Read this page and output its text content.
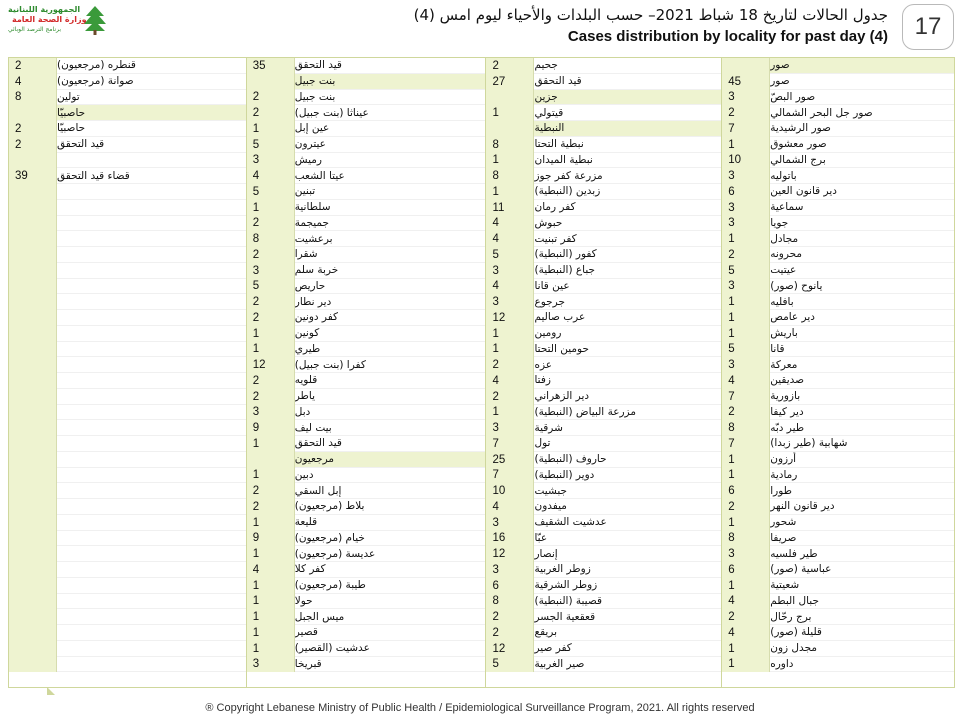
الجمهورية اللبنانية
وزارة الصحة العامة
برنامج الترصد الوبائي
جدول الحالات لتاريخ 18 شباط 2021– حسب البلدات والأحياء ليوم امس (4)
Cases distribution by locality for past day (4)	17
2	قنطره (مرجعيون)
4	صوانة (مرجعيون)
8	تولين
حاصبيّا
2	حاصبيّا
2	قيد التحقق
39	قضاء قيد التحقق
35	قيد التحقق
بنت جبيل
2	بنت جبيل
2	عيناثا (بنت جبيل)
1	عين إبل
5	عيترون
3	رميش
4	عيتا الشعب
5	تبنين
1	سلطانية
2	جميجمة
8	برعشيت
2	شقرا
3	خربة سلم
5	حاريص
2	دير نطار
2	كفر دونين
1	كونين
1	طيري
12	كفرا (بنت جبيل)
2	قلويه
2	ياطر
3	دبل
9	بيت ليف
1	قيد التحقق
مرجعيون
1	دبين
2	إبل السقي
2	بلاط (مرجعيون)
1	قليعة
9	خيام (مرجعيون)
1	عديسة (مرجعيون)
4	كفر كلا
1	طيبة (مرجعيون)
1	حولا
1	ميس الجبل
1	قصير
1	عدشيت (القصير)
3	قبريخا
2	جحيم
27	قيد التحقق
جزين
1	قيتولي
النبطية
8	نبطية التحتا
1	نبطية الميدان
8	مزرعة كفر جوز
1	زبدين (النبطية)
11	كفر رمان
4	حبوش
4	كفر تبنيت
5	كفور (النبطية)
3	جباع (النبطية)
4	عين قانا
3	جرجوع
12	عرب صاليم
1	رومين
1	حومين التحتا
2	عزه
4	زفتا
2	دير الزهراني
1	مزرعة البياض (النبطية)
3	شرقية
7	تول
25	حاروف (النبطية)
7	دوير (النبطية)
10	جبشيت
4	ميفدون
3	عدشيت الشقيف
16	عبّا
12	إنصار
3	زوطر الغربية
6	زوطر الشرقية
8	قصيبة (النبطية)
2	قعقعية الجسر
2	بريقع
12	كفر صير
5	صير الغربية
صور
45	صور
3	صور البصّ
2	صور جل البحر الشمالي
7	صور الرشيدية
1	صور معشوق
10	برج الشمالي
3	باتوليه
6	دير قانون العين
3	سماعية
3	جويا
1	مجادل
2	محرونه
5	عيتيت
3	يانوح (صور)
1	بافليه
1	دير عامص
1	باريش
5	قانا
3	معركة
4	صديقين
7	بازورية
2	دير كيفا
8	طير دبّه
7	شهابية (طير زبدا)
1	أرزون
1	رمادية
6	طورا
2	دير قانون النهر
1	شحور
8	صريفا
3	طير فلسيه
6	عباسية (صور)
1	شعيتية
4	جبال البطم
2	برج رحّال
4	قليلة (صور)
1	مجدل زون
1	داوره
® Copyright Lebanese Ministry of Public Health / Epidemiological Surveillance Program, 2021. All rights reserved
